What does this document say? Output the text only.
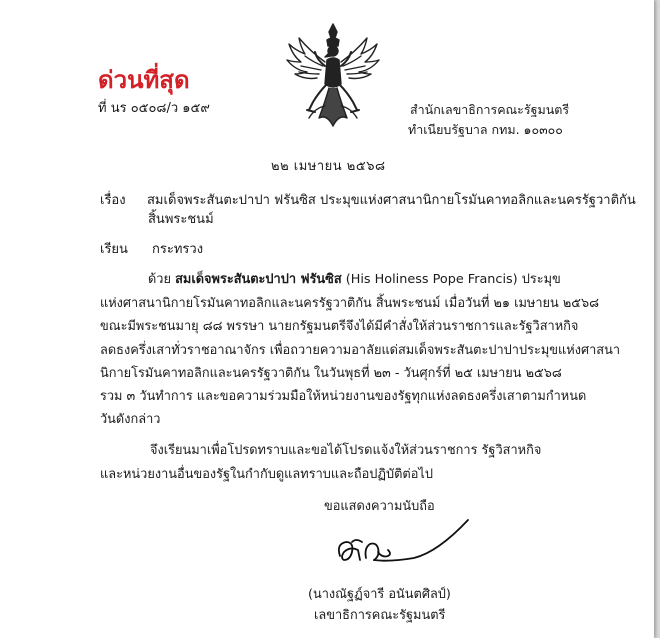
ด่วนที่สุด
ที่ นร ๐๕๐๘/ว ๑๕๙	สำนักเลขาธิการคณะรัฐมนตรี
ทำเนียบรัฐบาล กทม. ๑๐๓๐๐
๒๒ เมษายน ๒๕๖๘
เรื่อง สมเด็จพระสันตะปาปา ฟรันซิส ประมุขแห่งศาสนานิกายโรมันคาทอลิกและนครรัฐวาติกัน
สิ้นพระชนม์
เรียน กระทรวง
ด้วย สมเด็จพระสันตะปาปา ฟรันซิส (His Holiness Pope Francis) ประมุข
แห่งศาสนานิกายโรมันคาทอลิกและนครรัฐวาติกัน สิ้นพระชนม์ เมื่อวันที่ ๒๑ เมษายน ๒๕๖๘
ขณะมีพระชนมายุ ๘๘ พรรษา นายกรัฐมนตรีจึงได้มีคำสั่งให้ส่วนราชการและรัฐวิสาหกิจ
ลดธงครึ่งเสาทั่วราชอาณาจักร เพื่อถวายความอาลัยแด่สมเด็จพระสันตะปาปาประมุขแห่งศาสนา
นิกายโรมันคาทอลิกและนครรัฐวาติกัน ในวันพุธที่ ๒๓ - วันศุกร์ที่ ๒๕ เมษายน ๒๕๖๘
รวม ๓ วันทำการ และขอความร่วมมือให้หน่วยงานของรัฐทุกแห่งลดธงครึ่งเสาตามกำหนด
วันดังกล่าว
จึงเรียนมาเพื่อโปรดทราบและขอได้โปรดแจ้งให้ส่วนราชการ รัฐวิสาหกิจ
และหน่วยงานอื่นของรัฐในกำกับดูแลทราบและถือปฏิบัติต่อไป
ขอแสดงความนับถือ
(นางณัฐฏ์จารี อนันตศิลป์)
เลขาธิการคณะรัฐมนตรี
